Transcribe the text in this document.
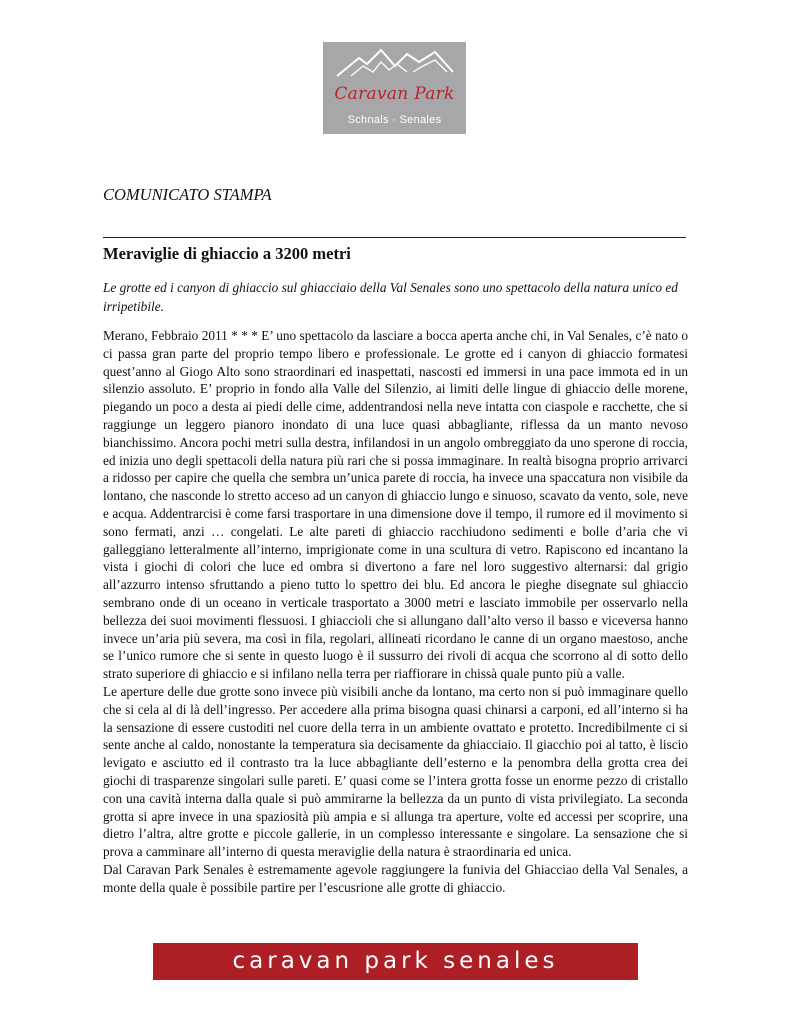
Caravan Park
Schnals · Senales
COMUNICATO STAMPA
Meraviglie di ghiaccio a 3200 metri
Le grotte ed i canyon di ghiaccio sul ghiacciaio della Val Senales sono uno spettacolo della natura unico ed irripetibile.

Merano, Febbraio 2011 * * * E’ uno spettacolo da lasciare a bocca aperta anche chi, in Val Senales, c’è nato o ci passa gran parte del proprio tempo libero e professionale. Le grotte ed i canyon di ghiaccio formatesi quest’anno al Giogo Alto sono straordinari ed inaspettati, nascosti ed immersi in una pace immota ed in un silenzio assoluto. E’ proprio in fondo alla Valle del Silenzio, ai limiti delle lingue di ghiaccio delle morene, piegando un poco a desta ai piedi delle cime, addentrandosi nella neve intatta con ciaspole e racchette, che si raggiunge un leggero pianoro inondato di una luce quasi abbagliante, riflessa da un manto nevoso bianchissimo. Ancora pochi metri sulla destra, infilandosi in un angolo ombreggiato da uno sperone di roccia, ed inizia uno degli spettacoli della natura più rari che si possa immaginare. In realtà bisogna proprio arrivarci a ridosso per capire che quella che sembra un’unica parete di roccia, ha invece una spaccatura non visibile da lontano, che nasconde lo stretto acceso ad un canyon di ghiaccio lungo e sinuoso, scavato da vento, sole, neve e acqua. Addentrarcisi è come farsi trasportare in una dimensione dove il tempo, il rumore ed il movimento si sono fermati, anzi … congelati. Le alte pareti di ghiaccio racchiudono sedimenti e bolle d’aria che vi galleggiano letteralmente all’interno, imprigionate come in una scultura di vetro. Rapiscono ed incantano la vista i giochi di colori che luce ed ombra si divertono a fare nel loro suggestivo alternarsi: dal grigio all’azzurro intenso sfruttando a pieno tutto lo spettro dei blu. Ed ancora le pieghe disegnate sul ghiaccio sembrano onde di un oceano in verticale trasportato a 3000 metri e lasciato immobile per osservarlo nella bellezza dei suoi movimenti flessuosi. I ghiaccioli che si allungano dall’alto verso il basso e viceversa hanno invece un’aria più severa, ma così in fila, regolari, allineati ricordano le canne di un organo maestoso, anche se l’unico rumore che si sente in questo luogo è il sussurro dei rivoli di acqua che scorrono al di sotto dello strato superiore di ghiaccio e si infilano nella terra per riaffiorare in chissà quale punto più a valle.

Le aperture delle due grotte sono invece più visibili anche da lontano, ma certo non si può immaginare quello che si cela al di là dell’ingresso. Per accedere alla prima bisogna quasi chinarsi a carponi, ed all’interno si ha la sensazione di essere custoditi nel cuore della terra in un ambiente ovattato e protetto. Incredibilmente ci si sente anche al caldo, nonostante la temperatura sia decisamente da ghiacciaio. Il giacchio poi al tatto, è liscio levigato e asciutto ed il contrasto tra la luce abbagliante dell’esterno e la penombra della grotta crea dei giochi di trasparenze singolari sulle pareti. E’ quasi come se l’intera grotta fosse un enorme pezzo di cristallo con una cavità interna dalla quale si può ammirarne la bellezza da un punto di vista privilegiato. La seconda grotta si apre invece in una spaziosità più ampia e si allunga tra aperture, volte ed accessi per scoprire, una dietro l’altra, altre grotte e piccole gallerie, in un complesso interessante e singolare. La sensazione che si prova a camminare all’interno di questa meraviglie della natura è straordinaria ed unica.

Dal Caravan Park Senales è estremamente agevole raggiungere la funivia del Ghiacciao della Val Senales, a monte della quale è possibile partire per l’escusrione alle grotte di ghiaccio.

caravan park senales
